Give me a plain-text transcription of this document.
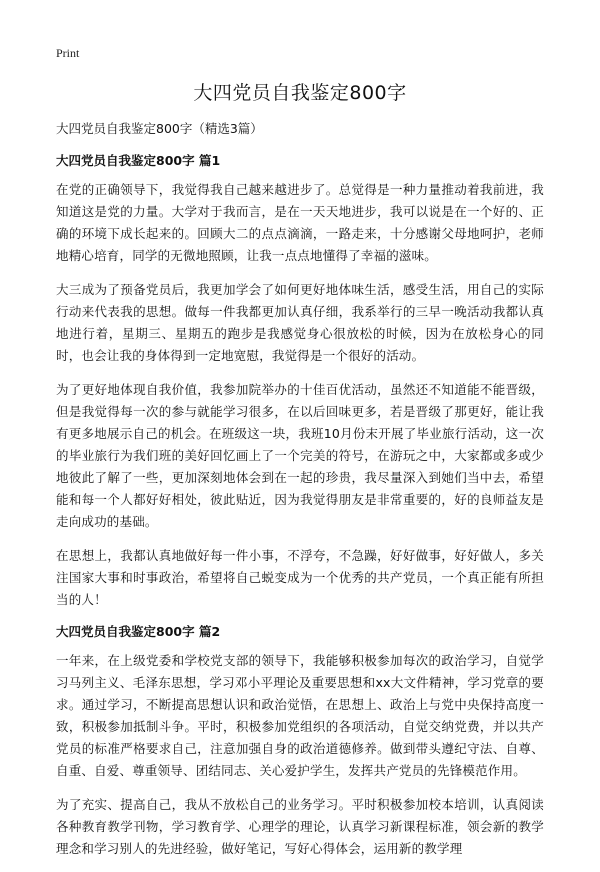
Print
大四党员自我鉴定800字

大四党员自我鉴定800字（精选3篇）

大四党员自我鉴定800字 篇1

在党的正确领导下，我觉得我自己越来越进步了。总觉得是一种力量推动着我前进，我知道这是党的力量。大学对于我而言，是在一天天地进步，我可以说是在一个好的、正确的环境下成长起来的。回顾大二的点点滴滴，一路走来，十分感谢父母地呵护，老师地精心培育，同学的无微地照顾，让我一点点地懂得了幸福的滋味。

大三成为了预备党员后，我更加学会了如何更好地体味生活，感受生活，用自己的实际行动来代表我的思想。做每一件我都更加认真仔细，我系举行的三早一晚活动我都认真地进行着，星期三、星期五的跑步是我感觉身心很放松的时候，因为在放松身心的同时，也会让我的身体得到一定地宽慰，我觉得是一个很好的活动。

为了更好地体现自我价值，我参加院举办的十佳百优活动，虽然还不知道能不能晋级，但是我觉得每一次的参与就能学习很多，在以后回味更多，若是晋级了那更好，能让我有更多地展示自己的机会。在班级这一块，我班10月份末开展了毕业旅行活动，这一次的毕业旅行为我们班的美好回忆画上了一个完美的符号，在游玩之中，大家都或多或少地彼此了解了一些，更加深刻地体会到在一起的珍贵，我尽量深入到她们当中去，希望能和每一个人都好好相处，彼此贴近，因为我觉得朋友是非常重要的，好的良师益友是走向成功的基础。

在思想上，我都认真地做好每一件小事，不浮夸，不急躁，好好做事，好好做人，多关注国家大事和时事政治，希望将自己蜕变成为一个优秀的共产党员，一个真正能有所担当的人！

大四党员自我鉴定800字 篇2

一年来，在上级党委和学校党支部的领导下，我能够积极参加每次的政治学习，自觉学习马列主义、毛泽东思想，学习邓小平理论及重要思想和xx大文件精神，学习党章的要求。通过学习，不断提高思想认识和政治觉悟，在思想上、政治上与党中央保持高度一致，积极参加抵制斗争。平时，积极参加党组织的各项活动，自觉交纳党费，并以共产党员的标准严格要求自己，注意加强自身的政治道德修养。做到带头遵纪守法、自尊、自重、自爱、尊重领导、团结同志、关心爱护学生，发挥共产党员的先锋模范作用。

为了充实、提高自己，我从不放松自己的业务学习。平时积极参加校本培训，认真阅读各种教育教学刊物，学习教育学、心理学的理论，认真学习新课程标准，领会新的教学理念和学习别人的先进经验，做好笔记，写好心得体会，运用新的教学理
